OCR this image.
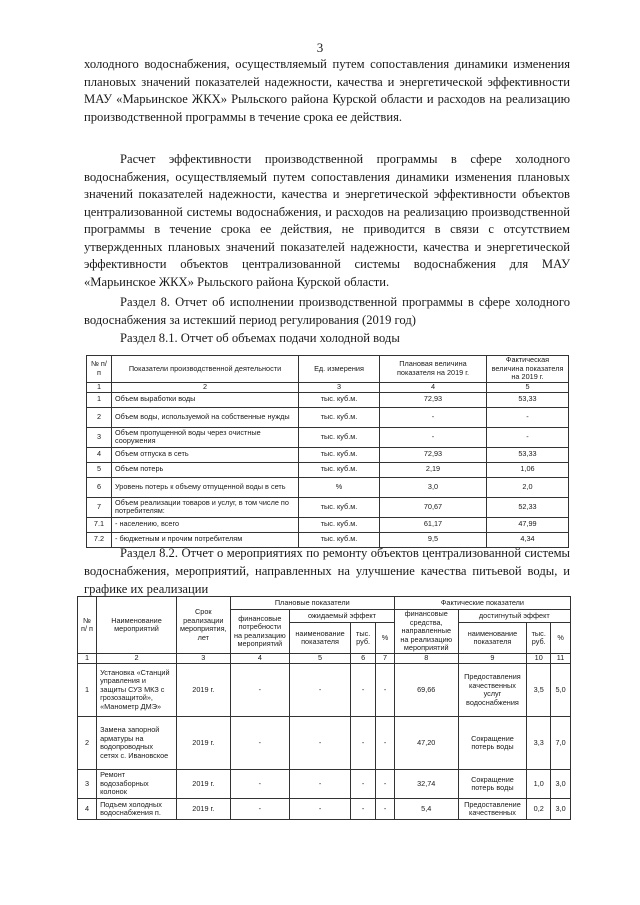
3

холодного водоснабжения, осуществляемый путем сопоставления динамики изменения плановых значений показателей надежности, качества и энергетической эффективности МАУ «Марьинское ЖКХ» Рыльского района Курской области и расходов на реализацию производственной программы в течение срока ее действия.

Расчет эффективности производственной программы в сфере холодного водоснабжения, осуществляемый путем сопоставления динамики изменения плановых значений показателей надежности, качества и энергетической эффективности объектов централизованной системы водоснабжения, и расходов на реализацию производственной программы в течение срока ее действия, не приводится в связи с отсутствием утвержденных плановых значений показателей надежности, качества и энергетической эффективности объектов централизованной системы водоснабжения для МАУ «Марьинское ЖКХ» Рыльского района Курской области.

Раздел 8. Отчет об исполнении производственной программы в сфере холодного водоснабжения за истекший период регулирования (2019 год)

Раздел 8.1. Отчет об объемах подачи холодной воды
№ п/п	Показатели производственной деятельности	Ед. измерения	Плановая величина показателя на 2019 г.	Фактическая величина показателя на 2019 г.
1	2	3	4	5
1	Объем выработки воды	тыс. куб.м.	72,93	53,33
2	Объем воды, используемой на собственные нужды	тыс. куб.м.	-	-
3	Объем пропущенной воды через очистные сооружения	тыс. куб.м.	-	-
4	Объем отпуска в сеть	тыс. куб.м.	72,93	53,33
5	Объем потерь	тыс. куб.м.	2,19	1,06
6	Уровень потерь к объему отпущенной воды в сеть	%	3,0	2,0
7	Объем реализации товаров и услуг, в том числе по потребителям:	тыс. куб.м.	70,67	52,33
7.1	- населению, всего	тыс. куб.м.	61,17	47,99
7.2	- бюджетным и прочим потребителям	тыс. куб.м.	9,5	4,34

Раздел 8.2. Отчет о мероприятиях по ремонту объектов централизованной системы водоснабжения, мероприятий, направленных на улучшение качества питьевой воды, и графике их реализации

№ п/ п	Наименование мероприятий	Срок реализации мероприятия, лет	Плановые показатели				Фактические показатели			
			финансовые потребности на реализацию мероприятий	ожидаемый эффект			финансовые средства, направленные на реализацию мероприятий	достигнутый эффект		
				наименование показателя	тыс. руб.	%		наименование показателя	тыс. руб.	%
1	2	3	4	5	6	7	8	9	10	11
1	Установка «Станций управления и защиты СУЗ МКЗ с грозозащитой», «Манометр ДМЭ»	2019 г.	-	-	-	-	69,66	Предоставления качественных услуг водоснабжения	3,5	5,0
2	Замена запорной арматуры на водопроводных сетях с. Ивановское	2019 г.	-	-	-	-	47,20	Сокращение потерь воды	3,3	7,0
3	Ремонт водозаборных колонок	2019 г.	-	-	-	-	32,74	Сокращение потерь воды	1,0	3,0
4	Подъем холодных водоснабжения п.	2019 г.	-	-	-	-	5,4	Предоставление качественных	0,2	3,0
